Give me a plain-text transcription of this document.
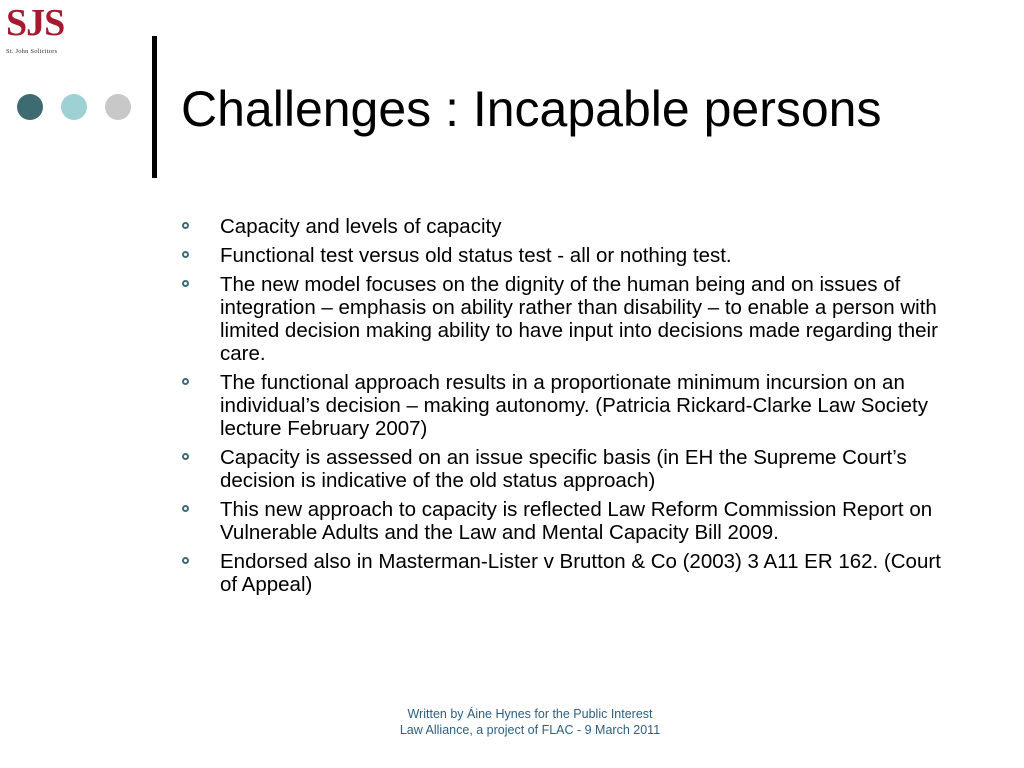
SJS
St. John Solicitors
Challenges : Incapable persons
Capacity and levels of capacity
Functional test versus old status test - all or nothing test.
The new model focuses on the dignity of the human being and on issues of integration – emphasis on ability rather than disability – to enable a person with limited decision making ability to have input into decisions made regarding their care.
The functional approach results in a proportionate minimum incursion on an individual’s decision – making autonomy. (Patricia Rickard-Clarke Law Society lecture February 2007)
Capacity is assessed on an issue specific basis (in EH the Supreme Court’s decision is indicative of the old status approach)
This new approach to capacity is reflected Law Reform Commission Report on Vulnerable Adults and the Law and Mental Capacity Bill 2009.
Endorsed also in Masterman-Lister v Brutton & Co (2003) 3 A11 ER 162. (Court of Appeal)
Written by Áine Hynes for the Public Interest
Law Alliance, a project of FLAC - 9 March 2011
